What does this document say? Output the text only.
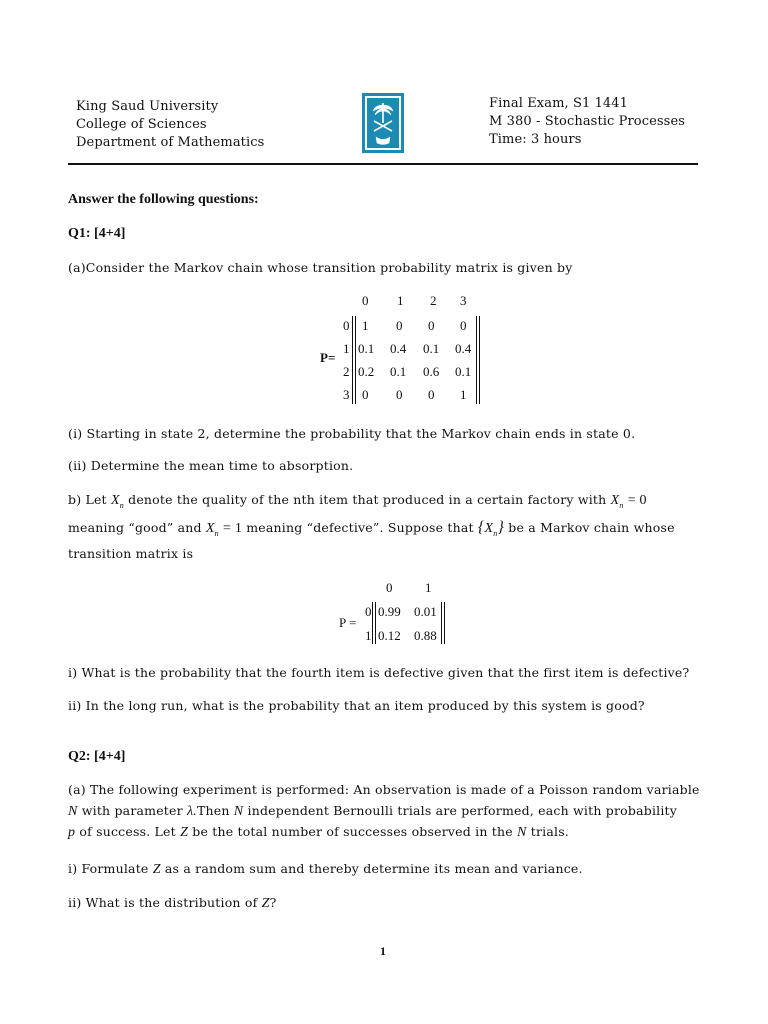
King Saud University
College of Sciences
Department of Mathematics
Final Exam, S1 1441
M 380 - Stochastic Processes
Time: 3 hours
Answer the following questions:
Q1: [4+4]
(a)Consider the Markov chain whose transition probability matrix is given by
P=
0 1 2 3
0
1
2
3
1 0 0 0
0.1 0.4 0.1 0.4
0.2 0.1 0.6 0.1
0 0 0 1
(i) Starting in state 2, determine the probability that the Markov chain ends in state 0.
(ii) Determine the mean time to absorption.
b) Let $X_n$ denote the quality of the nth item that produced in a certain factory with $X_n = 0$
meaning “good” and $X_n = 1$ meaning “defective”. Suppose that $\{X_n\}$ be a Markov chain whose
transition matrix is
P =
0	1
0
1
0.99 0.01
0.12 0.88
i) What is the probability that the fourth item is defective given that the first item is defective?
ii) In the long run, what is the probability that an item produced by this system is good?
Q2: [4+4]
(a) The following experiment is performed: An observation is made of a Poisson random variable
N with parameter λ.Then N independent Bernoulli trials are performed, each with probability
p of success. Let Z be the total number of successes observed in the N trials.
i) Formulate Z as a random sum and thereby determine its mean and variance.
ii) What is the distribution of Z?
1
